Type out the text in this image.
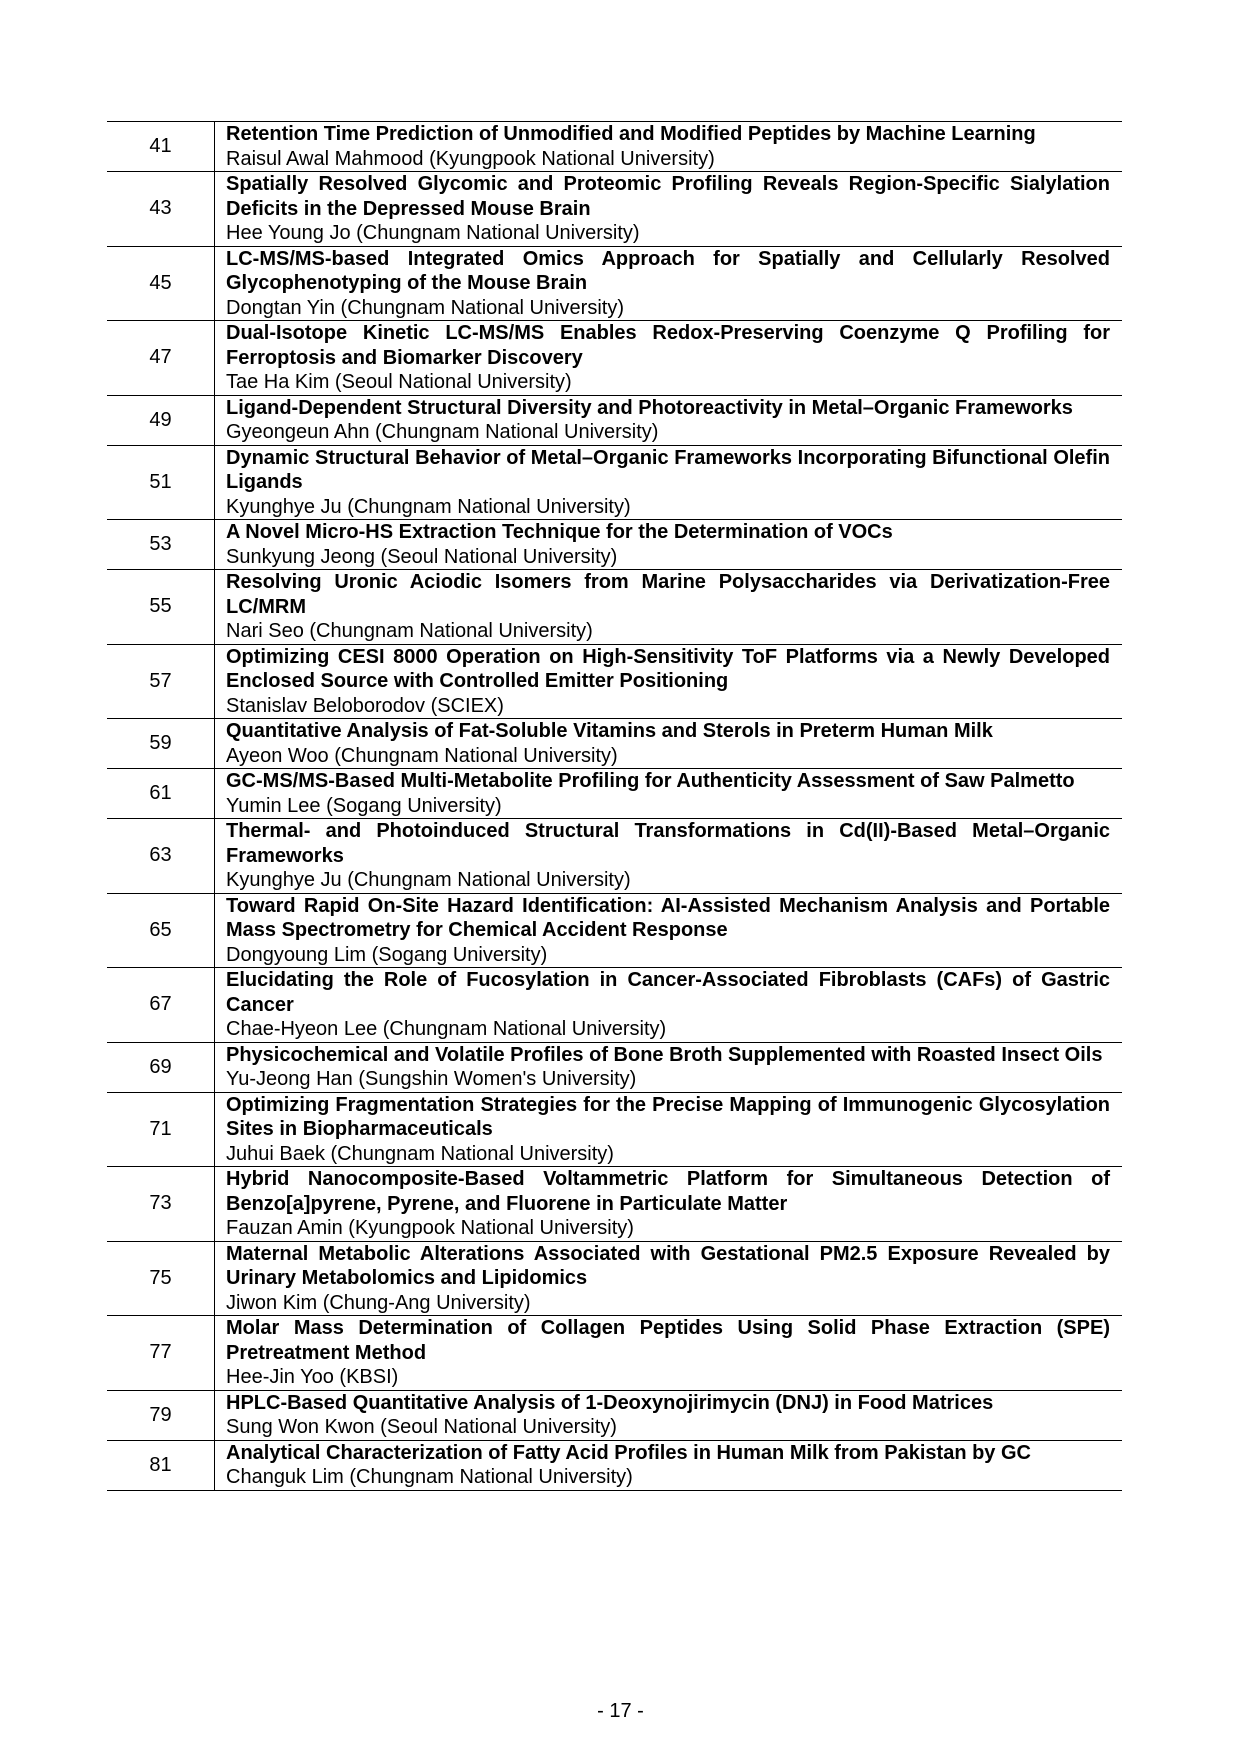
41	Retention Time Prediction of Unmodified and Modified Peptides by Machine Learning
Raisul Awal Mahmood (Kyungpook National University)

43	Spatially Resolved Glycomic and Proteomic Profiling Reveals Region-Specific Sialylation Deficits in the Depressed Mouse Brain
Hee Young Jo (Chungnam National University)

45	LC-MS/MS-based Integrated Omics Approach for Spatially and Cellularly Resolved Glycophenotyping of the Mouse Brain
Dongtan Yin (Chungnam National University)

47	Dual-Isotope Kinetic LC-MS/MS Enables Redox-Preserving Coenzyme Q Profiling for Ferroptosis and Biomarker Discovery
Tae Ha Kim (Seoul National University)

49	Ligand-Dependent Structural Diversity and Photoreactivity in Metal–Organic Frameworks
Gyeongeun Ahn (Chungnam National University)

51	Dynamic Structural Behavior of Metal–Organic Frameworks Incorporating Bifunctional Olefin Ligands
Kyunghye Ju (Chungnam National University)

53	A Novel Micro-HS Extraction Technique for the Determination of VOCs
Sunkyung Jeong (Seoul National University)

55	Resolving Uronic Aciodic Isomers from Marine Polysaccharides via Derivatization-Free LC/MRM
Nari Seo (Chungnam National University)

57	Optimizing CESI 8000 Operation on High-Sensitivity ToF Platforms via a Newly Developed Enclosed Source with Controlled Emitter Positioning
Stanislav Beloborodov (SCIEX)

59	Quantitative Analysis of Fat-Soluble Vitamins and Sterols in Preterm Human Milk
Ayeon Woo (Chungnam National University)

61	GC-MS/MS-Based Multi-Metabolite Profiling for Authenticity Assessment of Saw Palmetto
Yumin Lee (Sogang University)

63	Thermal- and Photoinduced Structural Transformations in Cd(II)-Based Metal–Organic Frameworks
Kyunghye Ju (Chungnam National University)

65	Toward Rapid On-Site Hazard Identification: AI-Assisted Mechanism Analysis and Portable Mass Spectrometry for Chemical Accident Response
Dongyoung Lim (Sogang University)

67	Elucidating the Role of Fucosylation in Cancer-Associated Fibroblasts (CAFs) of Gastric Cancer
Chae-Hyeon Lee (Chungnam National University)

69	Physicochemical and Volatile Profiles of Bone Broth Supplemented with Roasted Insect Oils
Yu-Jeong Han (Sungshin Women's University)

71	Optimizing Fragmentation Strategies for the Precise Mapping of Immunogenic Glycosylation Sites in Biopharmaceuticals
Juhui Baek (Chungnam National University)

73	Hybrid Nanocomposite-Based Voltammetric Platform for Simultaneous Detection of Benzo[a]pyrene, Pyrene, and Fluorene in Particulate Matter
Fauzan Amin (Kyungpook National University)

75	Maternal Metabolic Alterations Associated with Gestational PM2.5 Exposure Revealed by Urinary Metabolomics and Lipidomics
Jiwon Kim (Chung-Ang University)

77	Molar Mass Determination of Collagen Peptides Using Solid Phase Extraction (SPE) Pretreatment Method
Hee-Jin Yoo (KBSI)

79	HPLC-Based Quantitative Analysis of 1-Deoxynojirimycin (DNJ) in Food Matrices
Sung Won Kwon (Seoul National University)

81	Analytical Characterization of Fatty Acid Profiles in Human Milk from Pakistan by GC
Changuk Lim (Chungnam National University)
- 17 -
